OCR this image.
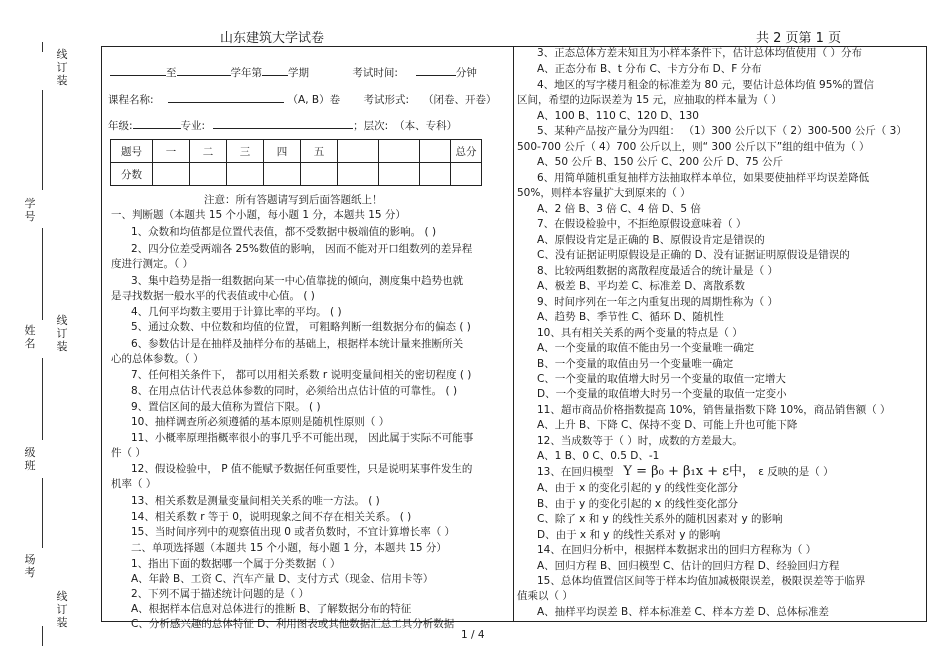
山东建筑大学试卷	共 2 页第 1 页
线订装
学号
姓名
线订装
级班
场考
线订装
至	学年第 学期	考试时间:	分钟
课程名称:	（A, B）卷 考试形式: （闭卷、开卷）
年级:	专业:	；层次: （本、专科）
题号	一	二	三	四	五				总分
分数									
注意：所有答题请写到后面答题纸上！
一、判断题（本题共 15 个小题，每小题 1 分，本题共 15 分）
1、众数和均值都是位置代表值，都不受数据中极端值的影响。 ( )
2、四分位差受两端各 25%数值的影响， 因而不能对开口组数列的差异程
度进行测定。（ ）
3、集中趋势是指一组数据向某一中心值靠拢的倾向，测度集中趋势也就
是寻找数据一般水平的代表值或中心值。 ( )
4、几何平均数主要用于计算比率的平均。 ( )
5、通过众数、中位数和均值的位置， 可粗略判断一组数据分布的偏态 ( )
6、参数估计是在抽样及抽样分布的基础上，根据样本统计量来推断所关
心的总体参数。（ ）
7、任何相关条件下， 都可以用相关系数 r 说明变量间相关的密切程度 ( )
8、在用点估计代表总体参数的同时，必须给出点估计值的可靠性。 ( )
9、置信区间的最大值称为置信下限。 ( )
10、抽样调查所必须遵循的基本原则是随机性原则（ ）
11、小概率原理指概率很小的事几乎不可能出现， 因此属于实际不可能事
件（ ）
12、假设检验中， P 值不能赋予数据任何重要性，只是说明某事件发生的
机率（ ）
13、相关系数是测量变量间相关关系的唯一方法。 ( )
14、相关系数 r 等于 0，说明现象之间不存在相关关系。 ( )
15、当时间序列中的观察值出现 0 或者负数时，不宜计算增长率（ ）
二、单项选择题（本题共 15 个小题，每小题 1 分，本题共 15 分）
1、指出下面的数据哪一个属于分类数据（ ）
A、年龄 B、工资 C、汽车产量 D、支付方式（现金、信用卡等）
2、下列不属于描述统计问题的是（ ）
A、根据样本信息对总体进行的推断 B、了解数据分布的特征
C、分析感兴趣的总体特征 D、利用图表或其他数据汇总工具分析数据
3、正态总体方差未知且为小样本条件下，估计总体均值使用（ ）分布
A、正态分布 B、t 分布 C、卡方分布 D、F 分布
4、地区的写字楼月租金的标准差为 80 元，要估计总体均值 95%的置信
区间，希望的边际误差为 15 元，应抽取的样本量为（ ）
A、100 B、110 C、120 D、130
5、某种产品按产量分为四组： （1）300 公斤以下（ 2）300-500 公斤（ 3）
500-700 公斤（ 4）700 公斤以上，则“ 300 公斤以下”组的组中值为（ ）
A、50 公斤 B、150 公斤 C、200 公斤 D、75 公斤
6、用简单随机重复抽样方法抽取样本单位，如果要使抽样平均误差降低
50%，则样本容量扩大到原来的（ ）
A、2 倍 B、3 倍 C、4 倍 D、5 倍
7、在假设检验中，不拒绝原假设意味着（ ）
A、原假设肯定是正确的 B、原假设肯定是错误的
C、没有证据证明原假设是正确的 D、没有证据证明原假设是错误的
8、比较两组数据的离散程度最适合的统计量是（ ）
A、极差 B、平均差 C、标准差 D、离散系数
9、时间序列在一年之内重复出现的周期性称为（ ）
A、趋势 B、季节性 C、循环 D、随机性
10、具有相关关系的两个变量的特点是（ ）
A、一个变量的取值不能由另一个变量唯一确定
B、一个变量的取值由另一个变量唯一确定
C、一个变量的取值增大时另一个变量的取值一定增大
D、一个变量的取值增大时另一个变量的取值一定变小
11、超市商品价格指数提高 10%，销售量指数下降 10%，商品销售额（ ）
A、上升 B、下降 C、保持不变 D、可能上升也可能下降
12、当成数等于（ ）时，成数的方差最大。
A、1 B、0 C、0.5 D、-1
13、在回归模型 Y = β₀ + β₁x + ε中， ε 反映的是（ ）
A、由于 x 的变化引起的 y 的线性变化部分
B、由于 y 的变化引起的 x 的线性变化部分
C、除了 x 和 y 的线性关系外的随机因素对 y 的影响
D、由于 x 和 y 的线性关系对 y 的影响
14、在回归分析中，根据样本数据求出的回归方程称为（ ）
A、回归方程 B、回归模型 C、估计的回归方程 D、经验回归方程
15、总体均值置信区间等于样本均值加减极限误差，极限误差等于临界
值乘以（ ）
A、抽样平均误差 B、样本标准差 C、样本方差 D、总体标准差
1 / 4
